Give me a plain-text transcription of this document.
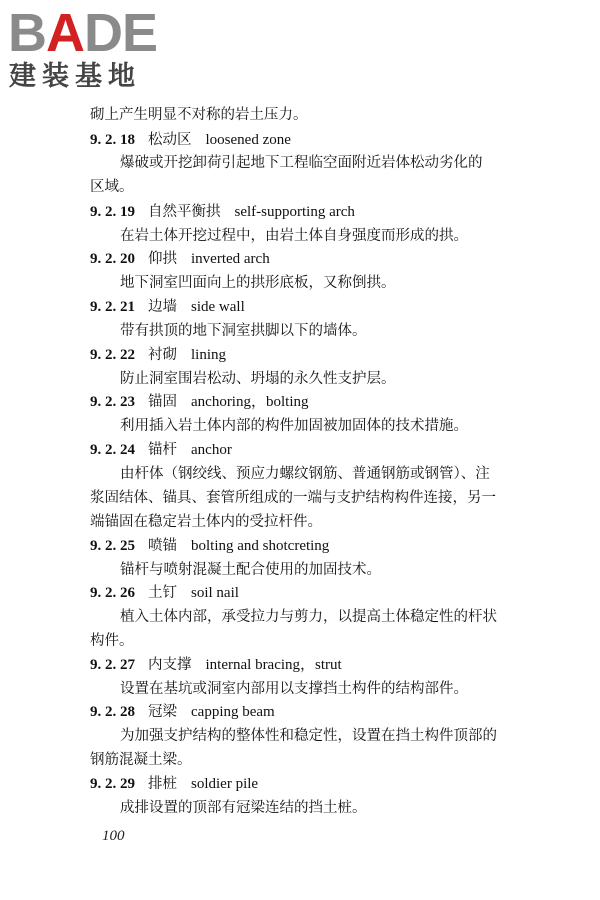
BADE
建装基地
砌上产生明显不对称的岩土压力。
9. 2. 18 松动区 loosened zone
爆破或开挖卸荷引起地下工程临空面附近岩体松动劣化的
区域。
9. 2. 19 自然平衡拱 self-supporting arch
在岩土体开挖过程中，由岩土体自身强度而形成的拱。
9. 2. 20 仰拱 inverted arch
地下洞室凹面向上的拱形底板，又称倒拱。
9. 2. 21 边墙 side wall
带有拱顶的地下洞室拱脚以下的墙体。
9. 2. 22 衬砌 lining
防止洞室围岩松动、坍塌的永久性支护层。
9. 2. 23 锚固 anchoring，bolting
利用插入岩土体内部的构件加固被加固体的技术措施。
9. 2. 24 锚杆 anchor
由杆体（钢绞线、预应力螺纹钢筋、普通钢筋或钢管）、注
浆固结体、锚具、套管所组成的一端与支护结构构件连接，另一
端锚固在稳定岩土体内的受拉杆件。
9. 2. 25 喷锚 bolting and shotcreting
锚杆与喷射混凝土配合使用的加固技术。
9. 2. 26 土钉 soil nail
植入土体内部，承受拉力与剪力，以提高土体稳定性的杆状
构件。
9. 2. 27 内支撑 internal bracing，strut
设置在基坑或洞室内部用以支撑挡土构件的结构部件。
9. 2. 28 冠梁 capping beam
为加强支护结构的整体性和稳定性，设置在挡土构件顶部的
钢筋混凝土梁。
9. 2. 29 排桩 soldier pile
成排设置的顶部有冠梁连结的挡土桩。
100
